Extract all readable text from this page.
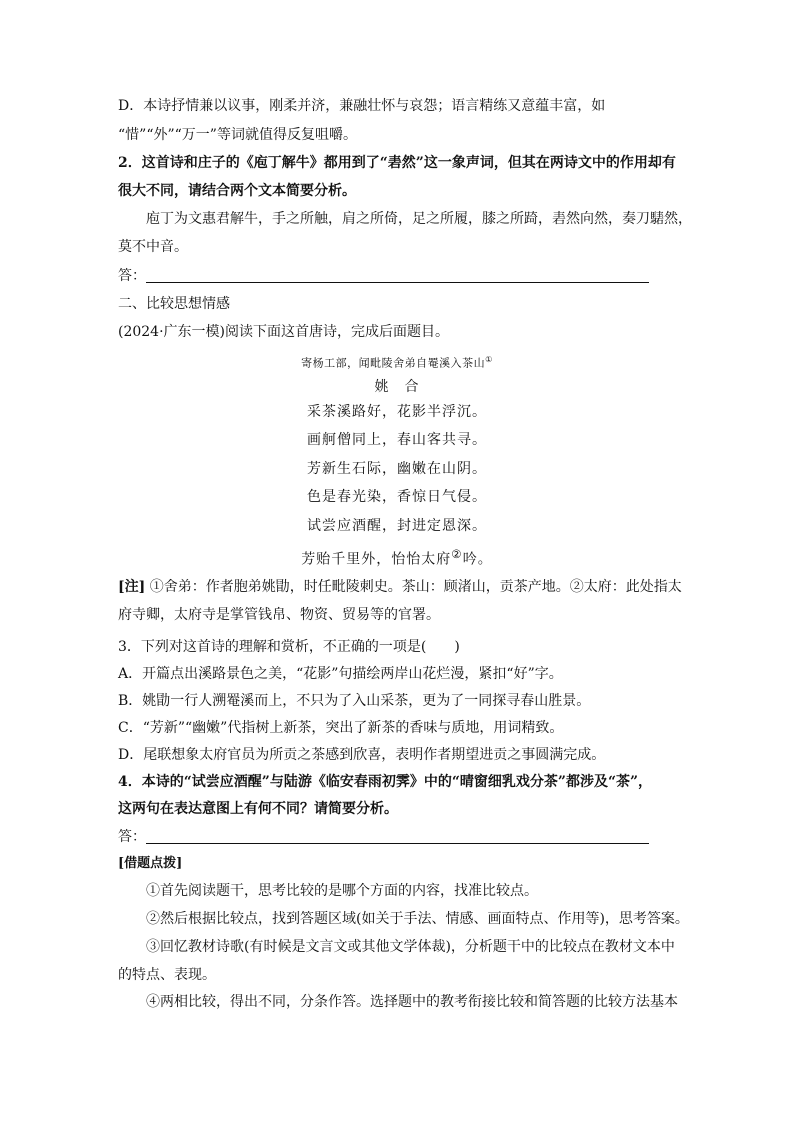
D．本诗抒情兼以议事，刚柔并济，兼融壮怀与哀怨；语言精练又意蕴丰富，如
“惜”“外”“万一”等词就值得反复咀嚼。
2．这首诗和庄子的《庖丁解牛》都用到了“砉然”这一象声词，但其在两诗文中的作用却有
很大不同，请结合两个文本简要分析。
庖丁为文惠君解牛，手之所触，肩之所倚，足之所履，膝之所踦，砉然向然，奏刀騞然，
莫不中音。
答：
二、比较思想情感
(2024·广东一模)阅读下面这首唐诗，完成后面题目。
寄杨工部，闻毗陵舍弟自罨溪入茶山①
姚　合
采茶溪路好，花影半浮沉。
画舸僧同上，春山客共寻。
芳新生石际，幽嫩在山阴。
色是春光染，香惊日气侵。
试尝应酒醒，封进定恩深。
芳贻千里外，怡怡太府②吟。
[注] ①舍弟：作者胞弟姚勖，时任毗陵刺史。茶山：顾渚山，贡茶产地。②太府：此处指太
府寺卿，太府寺是掌管钱帛、物资、贸易等的官署。
3．下列对这首诗的理解和赏析，不正确的一项是(　　)
A．开篇点出溪路景色之美，“花影”句描绘两岸山花烂漫，紧扣“好”字。
B．姚勖一行人溯罨溪而上，不只为了入山采茶，更为了一同探寻春山胜景。
C．“芳新”“幽嫩”代指树上新茶，突出了新茶的香味与质地，用词精致。
D．尾联想象太府官员为所贡之茶感到欣喜，表明作者期望进贡之事圆满完成。
4．本诗的“试尝应酒醒”与陆游《临安春雨初霁》中的“晴窗细乳戏分茶”都涉及“茶”，
这两句在表达意图上有何不同？请简要分析。
答：
[借题点拨]
①首先阅读题干，思考比较的是哪个方面的内容，找准比较点。
②然后根据比较点，找到答题区域(如关于手法、情感、画面特点、作用等)，思考答案。
③回忆教材诗歌(有时候是文言文或其他文学体裁)，分析题干中的比较点在教材文本中
的特点、表现。
④两相比较，得出不同，分条作答。选择题中的教考衔接比较和简答题的比较方法基本
